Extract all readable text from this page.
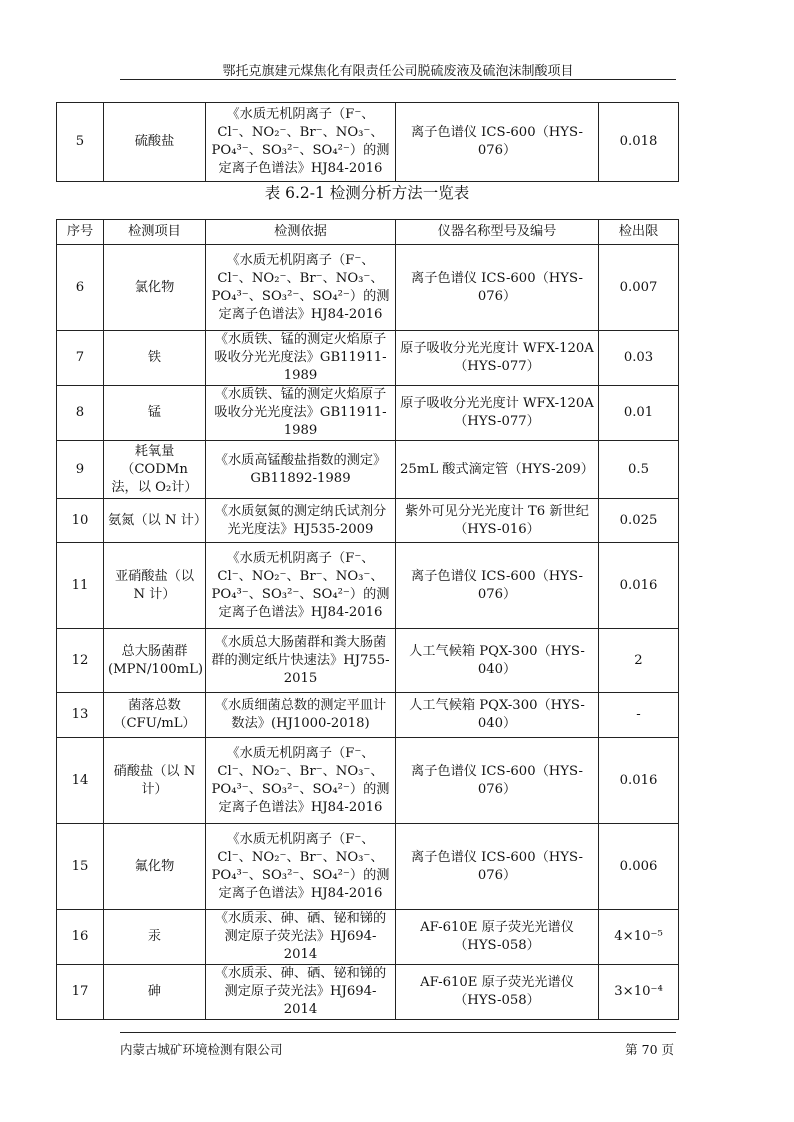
鄂托克旗建元煤焦化有限责任公司脱硫废液及硫泡沫制酸项目
5	硫酸盐	《水质无机阴离子（F⁻、Cl⁻、NO₂⁻、Br⁻、NO₃⁻、PO₄³⁻、SO₃²⁻、SO₄²⁻）的测定离子色谱法》HJ84-2016	离子色谱仪 ICS-600（HYS-076）	0.018
表 6.2-1 检测分析方法一览表
序号	检测项目	检测依据	仪器名称型号及编号	检出限
6	氯化物	《水质无机阴离子（F⁻、Cl⁻、NO₂⁻、Br⁻、NO₃⁻、PO₄³⁻、SO₃²⁻、SO₄²⁻）的测定离子色谱法》HJ84-2016	离子色谱仪 ICS-600（HYS-076）	0.007
7	铁	《水质铁、锰的测定火焰原子吸收分光光度法》GB11911-1989	原子吸收分光光度计 WFX-120A（HYS-077）	0.03
8	锰	《水质铁、锰的测定火焰原子吸收分光光度法》GB11911-1989	原子吸收分光光度计 WFX-120A（HYS-077）	0.01
9	耗氧量（CODMn法，以 O₂计）	《水质高锰酸盐指数的测定》GB11892-1989	25mL 酸式滴定管（HYS-209）	0.5
10	氨氮（以 N 计）	《水质氨氮的测定纳氏试剂分光光度法》HJ535-2009	紫外可见分光光度计 T6 新世纪（HYS-016）	0.025
11	亚硝酸盐（以 N 计）	《水质无机阴离子（F⁻、Cl⁻、NO₂⁻、Br⁻、NO₃⁻、PO₄³⁻、SO₃²⁻、SO₄²⁻）的测定离子色谱法》HJ84-2016	离子色谱仪 ICS-600（HYS-076）	0.016
12	总大肠菌群 (MPN/100mL)	《水质总大肠菌群和粪大肠菌群的测定纸片快速法》HJ755-2015	人工气候箱 PQX-300（HYS-040）	2
13	菌落总数（CFU/mL）	《水质细菌总数的测定平皿计数法》(HJ1000-2018)	人工气候箱 PQX-300（HYS-040）	-
14	硝酸盐（以 N 计）	《水质无机阴离子（F⁻、Cl⁻、NO₂⁻、Br⁻、NO₃⁻、PO₄³⁻、SO₃²⁻、SO₄²⁻）的测定离子色谱法》HJ84-2016	离子色谱仪 ICS-600（HYS-076）	0.016
15	氟化物	《水质无机阴离子（F⁻、Cl⁻、NO₂⁻、Br⁻、NO₃⁻、PO₄³⁻、SO₃²⁻、SO₄²⁻）的测定离子色谱法》HJ84-2016	离子色谱仪 ICS-600（HYS-076）	0.006
16	汞	《水质汞、砷、硒、铋和锑的测定原子荧光法》HJ694-2014	AF-610E 原子荧光光谱仪（HYS-058）	4×10⁻⁵
17	砷	《水质汞、砷、硒、铋和锑的测定原子荧光法》HJ694-2014	AF-610E 原子荧光光谱仪（HYS-058）	3×10⁻⁴
内蒙古城矿环境检测有限公司	第 70 页
